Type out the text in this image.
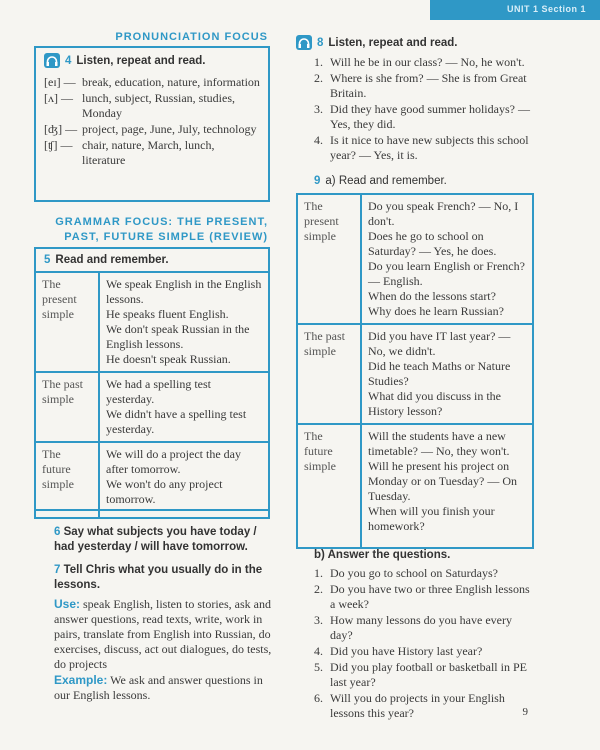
UNIT 1 Section 1
PRONUNCIATION FOCUS
4 Listen, repeat and read.
[eɪ] — break, education, nature, information
[ʌ] — lunch, subject, Russian, studies, Monday
[ʤ] — project, page, June, July, technology
[ʧ] — chair, nature, March, lunch, literature
GRAMMAR FOCUS: THE PRESENT,
PAST, FUTURE SIMPLE (REVIEW)
5 Read and remember.
The present simple	We speak English in the English lessons.
He speaks fluent English.
We don't speak Russian in the English lessons.
He doesn't speak Russian.

The past simple	We had a spelling test yesterday.
We didn't have a spelling test yesterday.

The future simple	We will do a project the day after tomorrow.
We won't do any project tomorrow.
6 Say what subjects you have today / had yesterday / will have tomorrow.
7 Tell Chris what you usually do in the lessons.
Use: speak English, listen to stories, ask and answer questions, read texts, write, work in pairs, translate from English into Russian, do exercises, discuss, act out dialogues, do tests, do projects
Example: We ask and answer questions in our English lessons.
8 Listen, repeat and read.
1. Will he be in our class? — No, he won't.
2. Where is she from? — She is from Great Britain.
3. Did they have good summer holidays? — Yes, they did.
4. Is it nice to have new subjects this school year? — Yes, it is.
9 a) Read and remember.
The present simple	Do you speak French? — No, I don't.
Does he go to school on Saturday? — Yes, he does.
Do you learn English or French? — English.
When do the lessons start?
Why does he learn Russian?

The past simple	Did you have IT last year? — No, we didn't.
Did he teach Maths or Nature Studies?
What did you discuss in the History lesson?

The future simple	Will the students have a new timetable? — No, they won't.
Will he present his project on Monday or on Tuesday? — On Tuesday.
When will you finish your homework?
b) Answer the questions.
1. Do you go to school on Saturdays?
2. Do you have two or three English lessons a week?
3. How many lessons do you have every day?
4. Did you have History last year?
5. Did you play football or basketball in PE last year?
6. Will you do projects in your English lessons this year?	9
